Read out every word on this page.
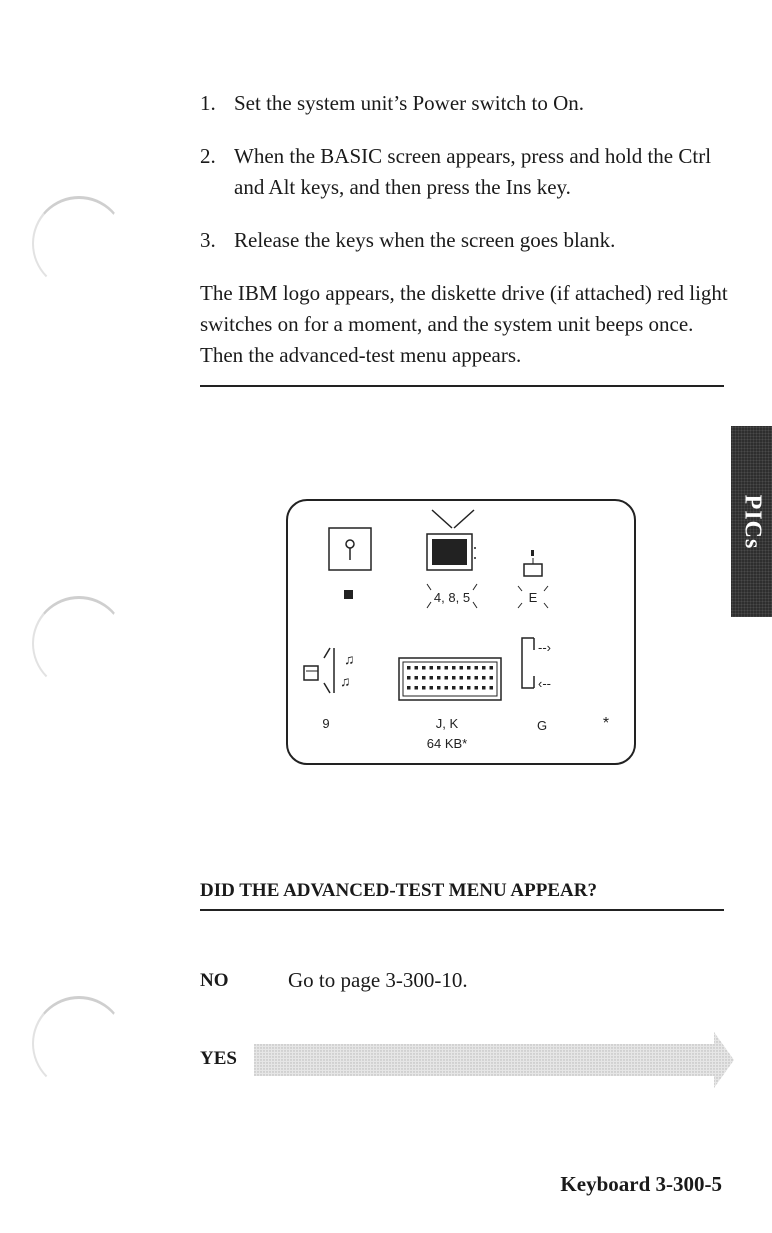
1. Set the system unit’s Power switch to On.
2. When the BASIC screen appears, press and hold the Ctrl and Alt keys, and then press the Ins key.
3. Release the keys when the screen goes blank.

The IBM logo appears, the diskette drive (if attached) red light switches on for a moment, and the system unit beeps once. Then the advanced-test menu appears.

PICs
4, 8, 5	E
♫
♫
9	J, K
64 KB*
--›
‹--
G	*

DID THE ADVANCED-TEST MENU APPEAR?

NO	Go to page 3-300-10.
YES
Keyboard 3-300-5
